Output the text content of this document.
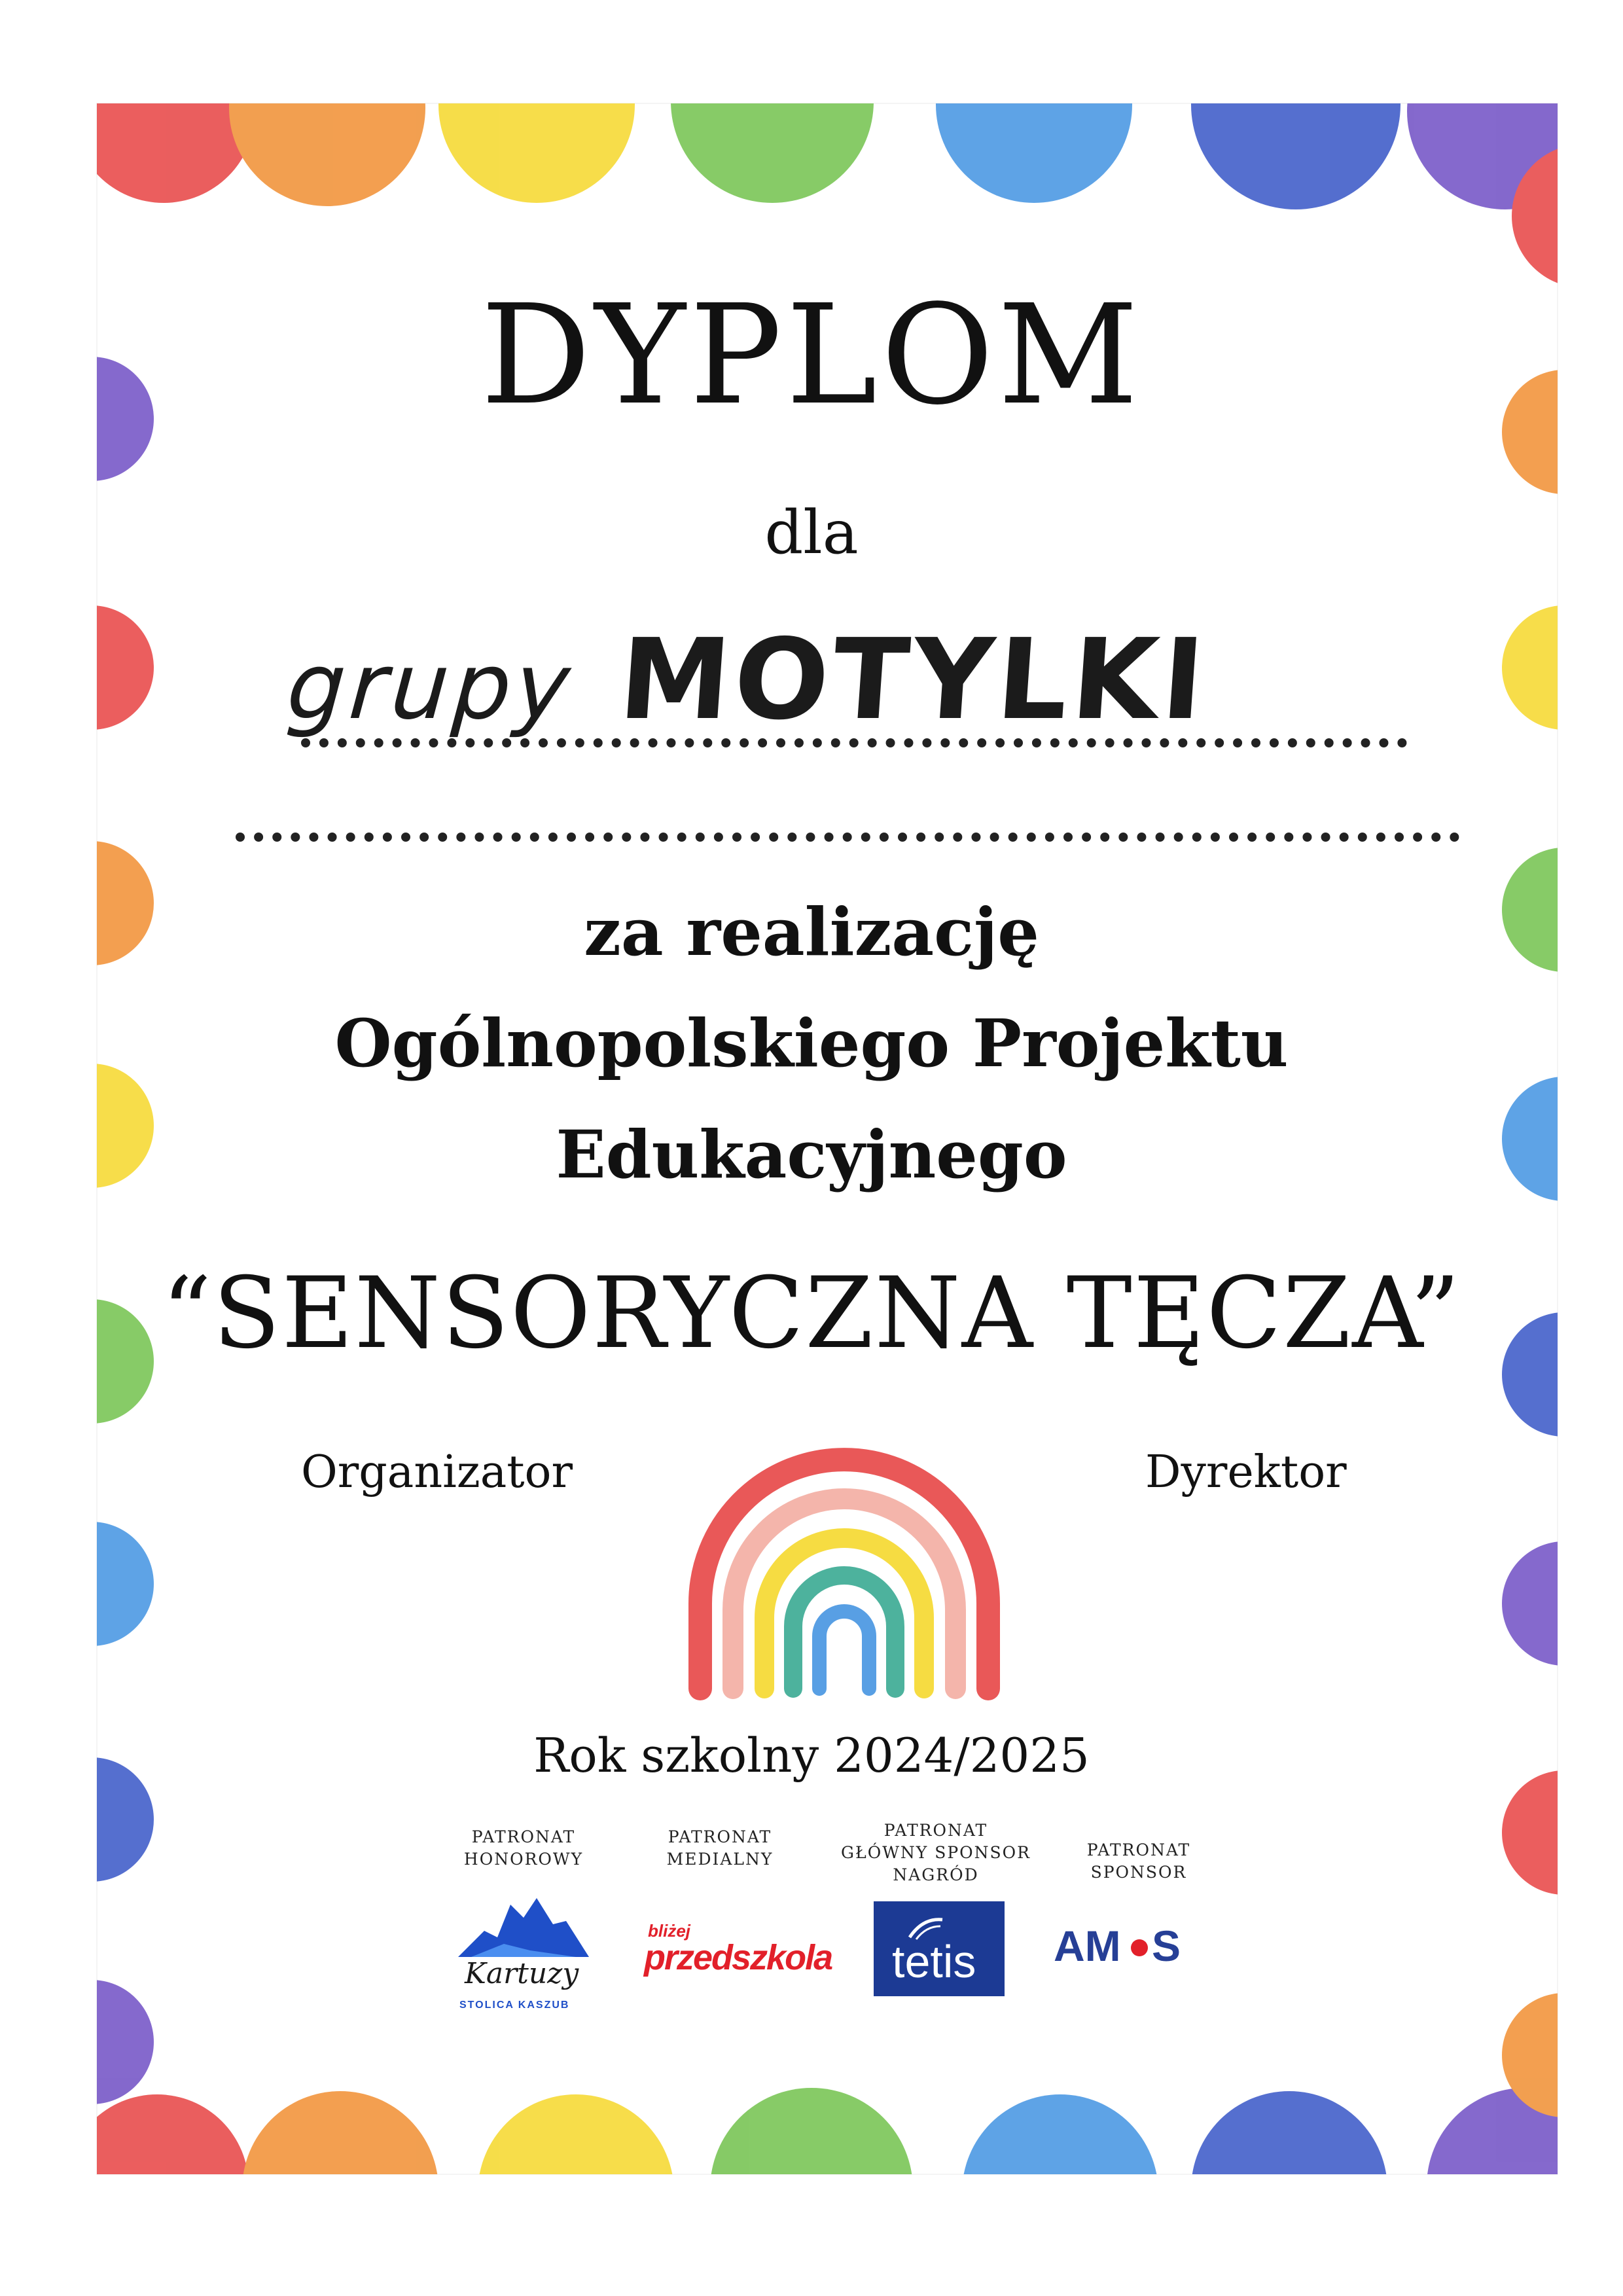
DYPLOM
dla
grupy MOTYLKI
za realizację
Ogólnopolskiego Projektu
Edukacyjnego
“SENSORYCZNA TĘCZA”
Organizator	Dyrektor
Rok szkolny 2024/2025
PATRONAT
HONOROWY
PATRONAT
MEDIALNY
PATRONAT
GŁÓWNY SPONSOR
NAGRÓD
PATRONAT
SPONSOR
Kartuzy
STOLICA KASZUB
bliżej
przedszkola tetis AM S
